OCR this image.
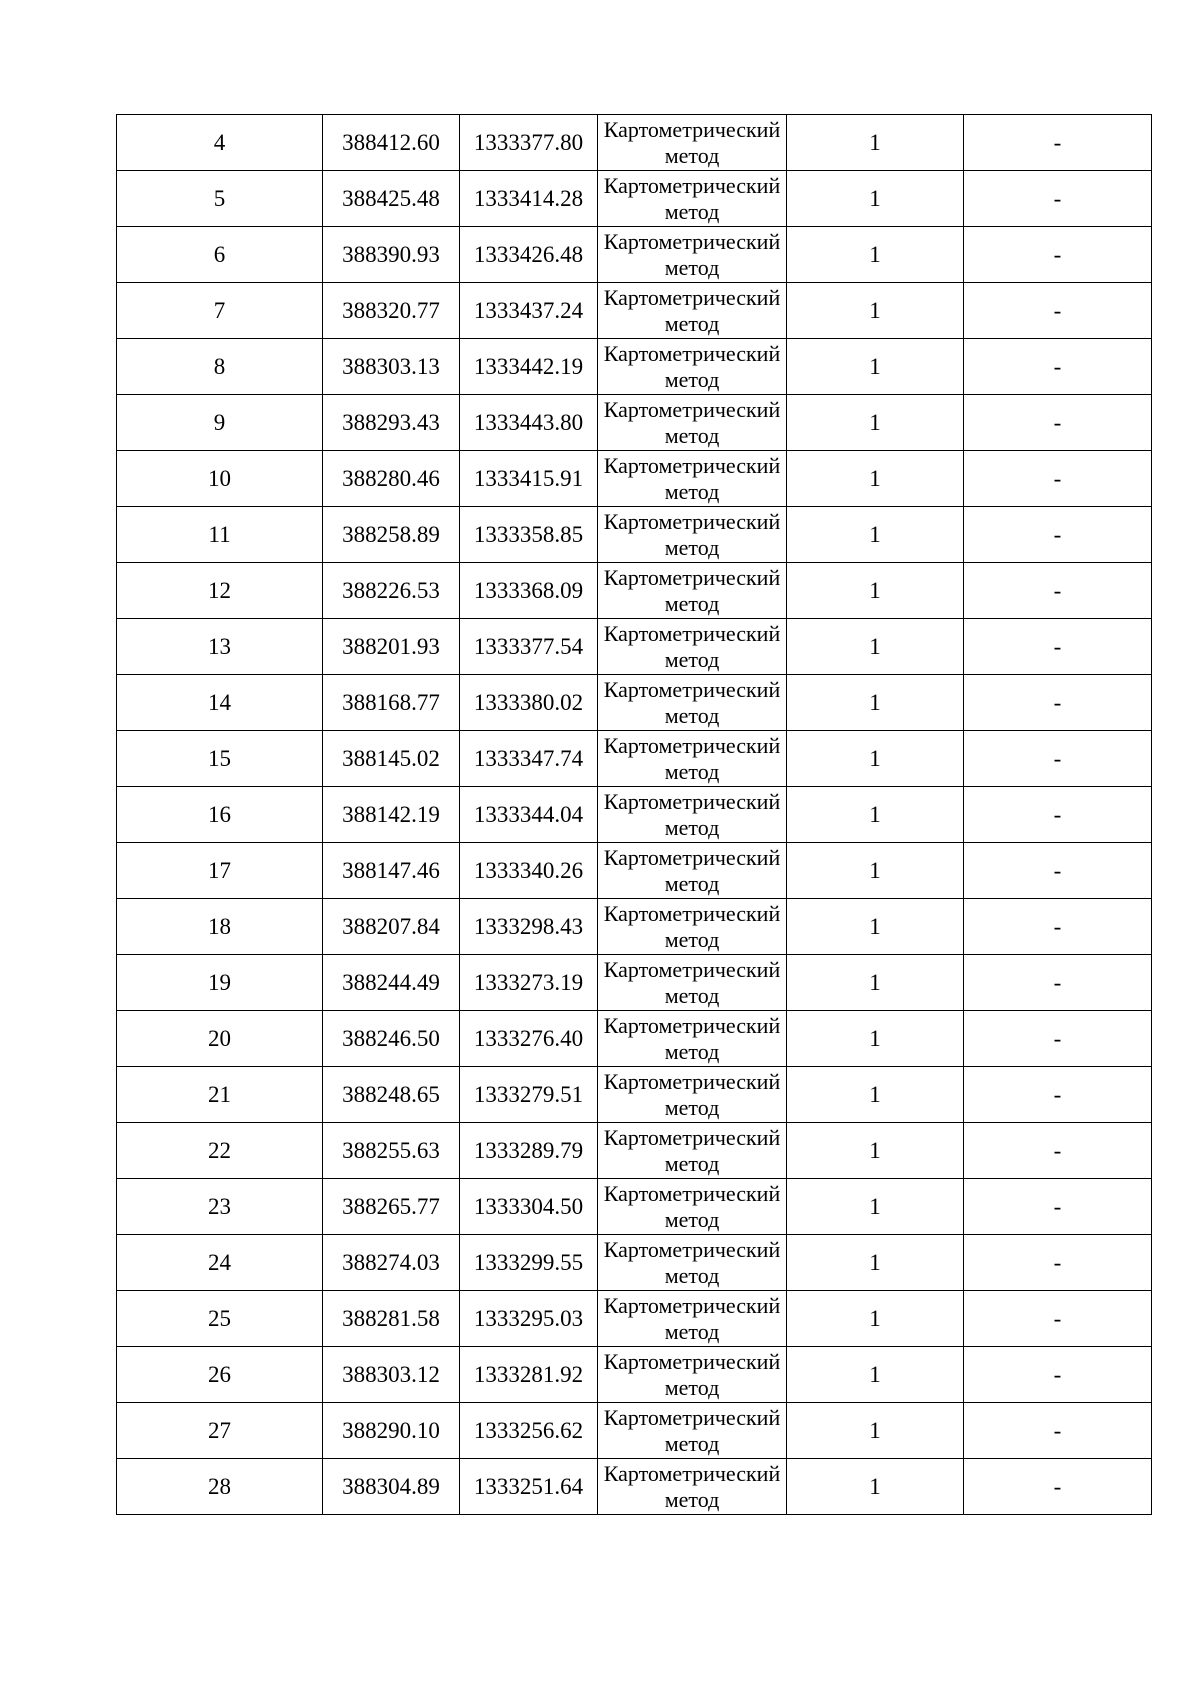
4	388412.60	1333377.80	Картометрический метод	1	-
5	388425.48	1333414.28	Картометрический метод	1	-
6	388390.93	1333426.48	Картометрический метод	1	-
7	388320.77	1333437.24	Картометрический метод	1	-
8	388303.13	1333442.19	Картометрический метод	1	-
9	388293.43	1333443.80	Картометрический метод	1	-
10	388280.46	1333415.91	Картометрический метод	1	-
11	388258.89	1333358.85	Картометрический метод	1	-
12	388226.53	1333368.09	Картометрический метод	1	-
13	388201.93	1333377.54	Картометрический метод	1	-
14	388168.77	1333380.02	Картометрический метод	1	-
15	388145.02	1333347.74	Картометрический метод	1	-
16	388142.19	1333344.04	Картометрический метод	1	-
17	388147.46	1333340.26	Картометрический метод	1	-
18	388207.84	1333298.43	Картометрический метод	1	-
19	388244.49	1333273.19	Картометрический метод	1	-
20	388246.50	1333276.40	Картометрический метод	1	-
21	388248.65	1333279.51	Картометрический метод	1	-
22	388255.63	1333289.79	Картометрический метод	1	-
23	388265.77	1333304.50	Картометрический метод	1	-
24	388274.03	1333299.55	Картометрический метод	1	-
25	388281.58	1333295.03	Картометрический метод	1	-
26	388303.12	1333281.92	Картометрический метод	1	-
27	388290.10	1333256.62	Картометрический метод	1	-
28	388304.89	1333251.64	Картометрический метод	1	-
